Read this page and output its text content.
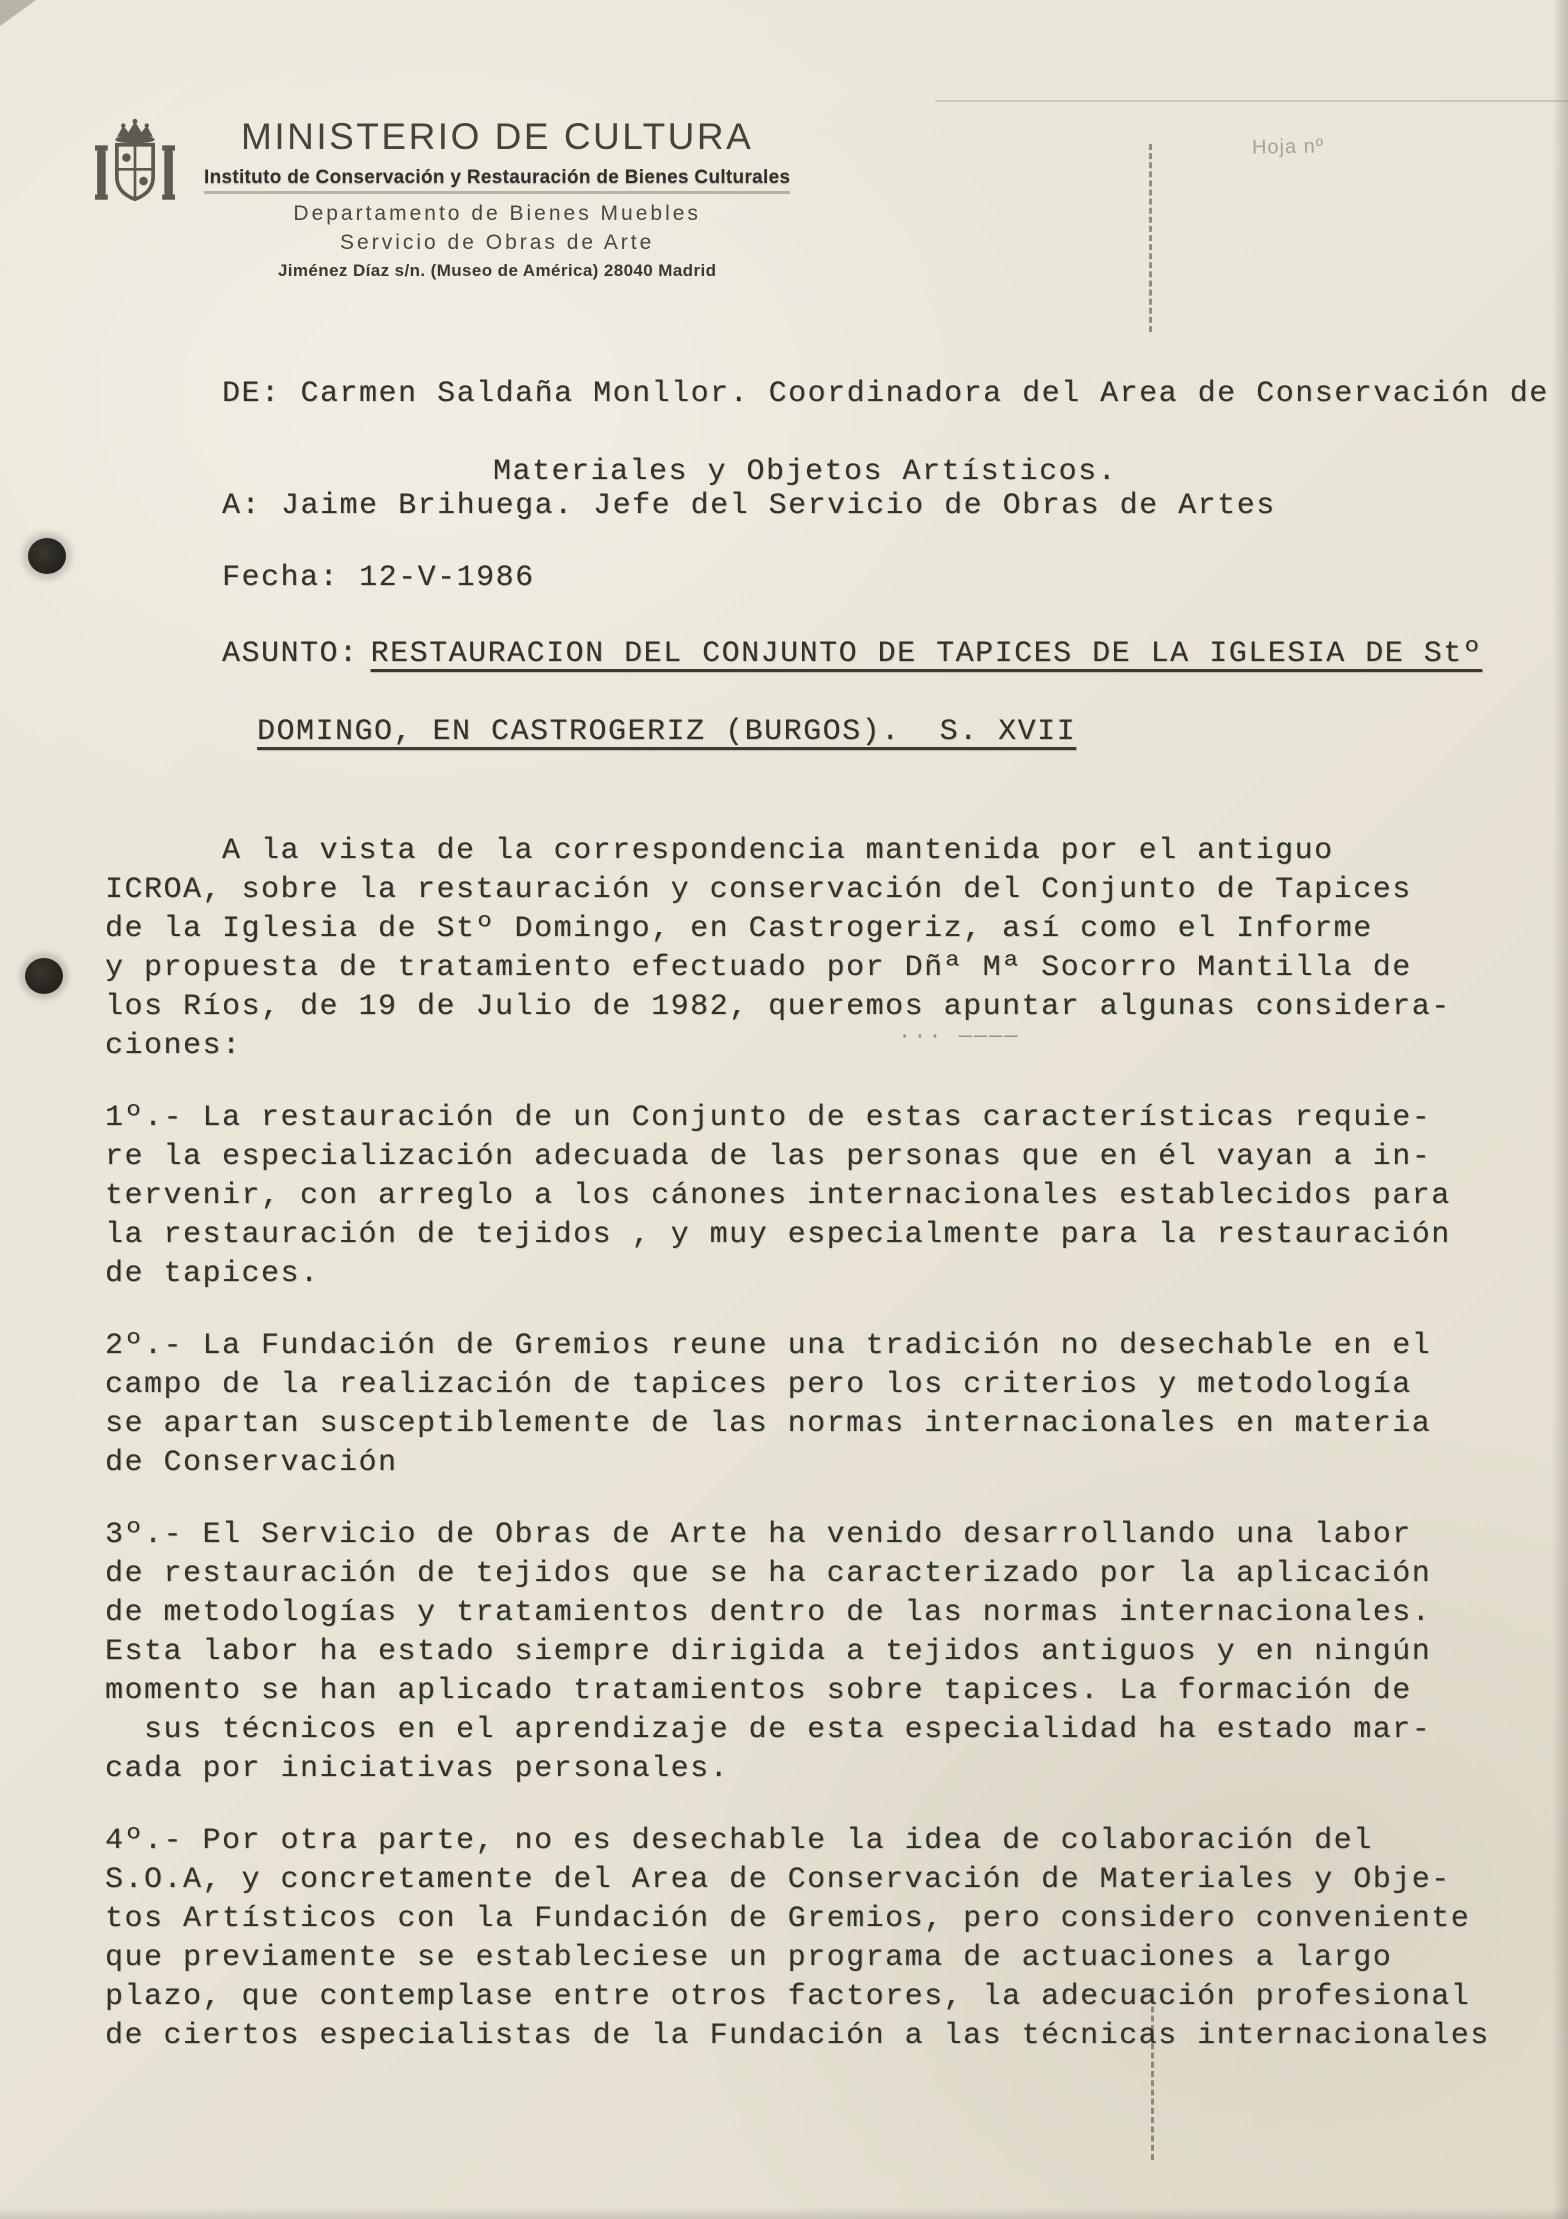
Hoja nº
··· ————
MINISTERIO DE CULTURA
Instituto de Conservación y Restauración de Bienes Culturales
Departamento de Bienes Muebles
Servicio de Obras de Arte
Jiménez Díaz s/n. (Museo de América) 28040 Madrid

DE: Carmen Saldaña Monllor. Coordinadora del Area de Conservación de

Materiales y Objetos Artísticos.

A: Jaime Brihuega. Jefe del Servicio de Obras de Artes

Fecha: 12-V-1986

ASUNTO: RESTAURACION DEL CONJUNTO DE TAPICES DE LA IGLESIA DE Stº

DOMINGO, EN CASTROGERIZ (BURGOS).  S. XVII
A la vista de la correspondencia mantenida por el antiguo
ICROA, sobre la restauración y conservación del Conjunto de Tapices
de la Iglesia de Stº Domingo, en Castrogeriz, así como el Informe
y propuesta de tratamiento efectuado por Dñª Mª Socorro Mantilla de
los Ríos, de 19 de Julio de 1982, queremos apuntar algunas considera-
ciones:
1º.- La restauración de un Conjunto de estas características requie-
re la especialización adecuada de las personas que en él vayan a in-
tervenir, con arreglo a los cánones internacionales establecidos para
la restauración de tejidos , y muy especialmente para la restauración
de tapices.
2º.- La Fundación de Gremios reune una tradición no desechable en el
campo de la realización de tapices pero los criterios y metodología
se apartan susceptiblemente de las normas internacionales en materia
de Conservación
3º.- El Servicio de Obras de Arte ha venido desarrollando una labor
de restauración de tejidos que se ha caracterizado por la aplicación
de metodologías y tratamientos dentro de las normas internacionales.
Esta labor ha estado siempre dirigida a tejidos antiguos y en ningún
momento se han aplicado tratamientos sobre tapices. La formación de
sus técnicos en el aprendizaje de esta especialidad ha estado mar-
cada por iniciativas personales.
4º.- Por otra parte, no es desechable la idea de colaboración del
S.O.A, y concretamente del Area de Conservación de Materiales y Obje-
tos Artísticos con la Fundación de Gremios, pero considero conveniente
que previamente se estableciese un programa de actuaciones a largo
plazo, que contemplase entre otros factores, la adecuación profesional
de ciertos especialistas de la Fundación a las técnicas internacionales
